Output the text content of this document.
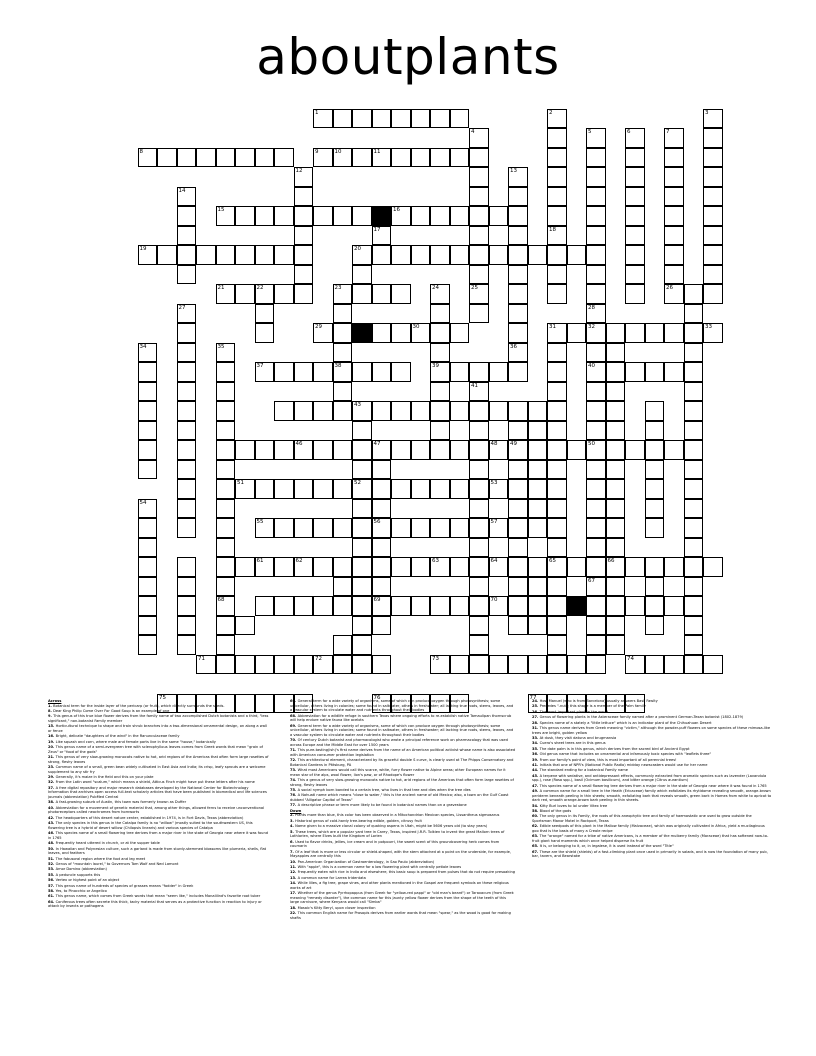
aboutplants
1	2	3
4	5	6	7
8	9	10	11
12	13
14
15	16
17	18
19	20
21	22	23	24	25	26
27	28
29	30	31	32	33
34	35	36
37	38	39	40
41
43
46	47	48 49	50
51	52	53
54
55	56	57
61	62	63	64	65	66
67
68	69	70
71	72	73	74
75	76	77
Across
1. Botanical term for the inside layer of the pericarp (or fruit), which directly surrounds the seeds.
8. Dear King Philip Come Over For Good Soup is an example of one
9. This genus of this true blue flower derives from the family name of two accomplished Dutch botanists and a third, "less significant," non-botanist Family member
15. Horticultural technique to shape and train shrub branches into a two-dimensional ornamental design, on along a wall or fence
16. Bright, delicate "daughters of the wind" in the Ranunculaceae family
19. Like squash and corn, where male and female parts live in the same "house," botanically
20. This genus name of a semi-evergreen tree with sclerophyllous leaves comes from Greek words that mean "grain of Zeus" or "food of the gods"
21. This genus of very slow-growing monocots native to hot, arid regions of the Americas that often form large rosettes of strong, fleshy leaves
23. Common name of a small, green bean widely cultivated in East Asia and India; its crisp, leafy sprouts are a welcome supplement to any stir fry
29. Generally, it's maize in the field and this on your plate
32. From the Latin word "scalum," which means a shield, Atticus Finch might have put these letters after his name
37. A free digital repository and major research databases developed by the National Center for Biotechnology Information that archives open access full-text scholarly articles that have been published in biomedical and life sciences journals (abbreviation) PubMed Central
38. A fast-growing suburb of Austin, this town was formerly known as Duffer
40. Abbreviation for a movement of genetic material that, among other things, allowed ferns to receive unconventional photoreceptors called neochromes from hornworts
42. The headquarters of this desert nature center, established in 1974, is in Fort Davis, Texas (abbreviation)
43. The only species in this genus in the Catalpa family is no "willow" (mostly suited to the southwestern US, this flowering tree is a hybrid of desert willow (Chilopsis linearis) and various species of Catalpa
46. This species name of a small flowering tree derives from a major river in the state of Georgia near where it was found in 1765
48. Frequently heard uttered in church, or at the supper table
50. In Hawaiian and Polynesian culture, such a garland is made from sturdy-stemmed blossoms like plumeria, shells, flat leaves, and feathers
51. The fabusoral region where the foot and leg meet
52. Genus of "mountain laurel," to Governors Tom Wolf and Ned Lamont
53. Amor Domino (abbreviation)
55. A peduncle supports this
56. Vertex or highest point of an object
57. This genus name of hundreds of species of grasses means "fodder" in Greek
58. Yes, to Pinocchio or Angelico
61. This genus name, which comes from Greek words that mean "seem like," includes Monalilind's favorite root tuber
64. Coniferous trees often secrete this thick, tacky material that serves as a protective function in reaction to injury or attack by insects or pathogens
66. General term for a wide variety of organisms, some of which can produce oxygen through photosynthesis; some unicellular, others living in colonies; some found in saltwater, others in freshwater; all lacking true roots, stems, leaves, and a vascular system to circulate water and nutrients throughout their bodies
68. Abbreviation for a wildlife refuge in southern Texas where ongoing efforts to re-establish native Tamaulipan thornscrub will help endure native fauna like ocelots
69. General term for a wide variety of organisms, some of which can produce oxygen through photosynthesis; some unicellular, others living in colonies; some found in saltwater, others in freshwater; all lacking true roots, stems, leaves, and a vascular system to circulate water and nutrients throughout their bodies
70. Of century Dutch botanist and pharmacologist who wrote a principal reference work on pharmacology that was used across Europe and the Middle East for over 1500 years
71. This pure-tasting(ish)'s first name derives from the name of an American political activist whose name is also associated with American consumer protection legislation
72. This architectural element, characterized by its graceful double S curve, is clearly used at The Phipps Conservatory and Botanical Gardens in Pittsburg, PA
73. What most Americans would call this scarce, white, furry flower native to Alpine areas; other European names for it mean star of the alps, wool flower, lion's paw, or of Rhodope's flower
74. This a genus of very slow-growing monocots native to hot, arid regions of the Americas that often form large rosettes of strong, fleshy leaves
75. A social nymph born bonded to a certain tree, who lives in that tree and dies when the tree dies
76. A Nahuatl name which means "close to water," this is the ancient name of old Mexico; also, a town on the Gulf Coast dubbed "Alligator Capitol of Texas"
77. A descriptive phrase or term more likely to be found in botanical names than on a gravestone
Down
2. Plants more than blue, this color has been observed in a Mitochondrion Mexican species, Lissantheus sigmosarus
3. Historical genus of cold-hardy tree-bearing edible, golden, citrusy fruit
4. Name given to a massive clonal colony of quaking aspens in Utah, might be 5606 years old (to stay years)
5. These trees, which are a popular yard tree in Carey, Texas, inspired J.R.R. Tolkien to invent the great Mallorn trees of Lothlorien, where Elves built the Kingdom of Lorien
6. Used to flavor drinks, jellies, ice cream and in potpourri, the sweet scent of this groundcovering herb comes from coumarin
7. Of a leaf that is more or less circular or shield-shaped, with the stem attached at a point on the underside, for example, Mayapples are centrally this
10. Pan-American Organization of Gastroenterology, in Sao Paulo (abbreviation)
11. With "apple", this is a common name for a low flowering plant with centrally petiole leaves
12. Frequently eaten with rice in India and elsewhere, this basic soup is prepared from pulses that do not require presoaking
13. A common name for Larrea tridentata
14. While lilies, a fig tree, grape vines, and other plants mentioned in the Gospel are frequent symbols on these religious works of art
17. Whether of the genus Pyrrhopappus (from Greek for "yellow-red pappi" or "old man's beard") or Taraxacum (from Greek meaning "remedy disorder"), the common name for this jaunty yellow flower derives from the shape of the teeth of this large carnivore, where Kenyans would call "Simba"
18. Mosaic's Kitty Beryl, upon closer inspection
22. This common English name for Prosopis derives from earlier words that mean "spear," as the wood is good for making shafts
24. How Manuel (who is from Barcelona) usually answers Basil Fawlty
25. Precedes "-nut"; this shape is a member of the Palm family
26. The most important plant in the world
27. Genus of flowering plants in the Asteraceae family named after a prominent German-Texan botanist (1802-1879)
28. Species name of a stately a "little lettuce" which is an indicator plant of the Chihuahuan Desert
31. This genus name derives from Greek meaning "victim," although the powder-puff flowers on some species of these mimosa-like trees are bright, golden yellow
33. At dusk, they visit datuna and brugmansia
34. Cuero's sheet trees are in this genus
35. The date palm is in this genus, which derives from the sacred bird of Ancient Egypt
36. Old genus name that includes an ornamental and infamously toxic species with "leaflets three"
39. From our family's point of view, this is most important of all perennial trees!
41. Initials that one of NPR's (National Public Radio) midday newscasters would use for her name
44. The standard ending for a botanical Family name
45. A terpene with sedative, and antidepressant effects, commonly extracted from aromatic species such as lavender (Lavandula spp.), rose (Rosa spp.), basil (Ocimum basilicum), and bitter orange (Citrus aurantium)
47. This species name of a small flowering tree derives from a major river in the state of Georgia near where it was found in 1765
49. A common name for a small tree in the Heath (Ericaceae) family which exfoliates its rhytidome revealing smooth, orange-brown periderm beneath peeling in thin sheets; smooth, exfoliating bark that reveals smooth, green bark in Homes from white to apricot to dark red, smooth orange-brown bark peeling in thin sheets.
54. Kitty Burl loves to lol under Vitex tree
58. Blood of the gods
60. The only genus in its Family, the roots of this aneophytic tree and family of haemostatic one used to grow outside the Sportsman Manor Motel in Rockport, Texas
62. Edible seedpods of this plant in the Mallow family (Malvaceae), which was originally cultivated in Africa, yield a mucilaginous goo that is the basis of many a Creole recipe
63. The "orange" named for a tribe of native Americans, is a member of the mulberry family (Moraceae) that has softened now-to-fruit giant hand moments which once helped disperse its fruit
65. It is, or belonging to it, or, in legalese, it is used instead of the word "Title"
67. These are the shield (shields) of a fast-climbing plant once used in primarily in salads, and is now the foundation of many pub, bar, tavern, and Bearstake
